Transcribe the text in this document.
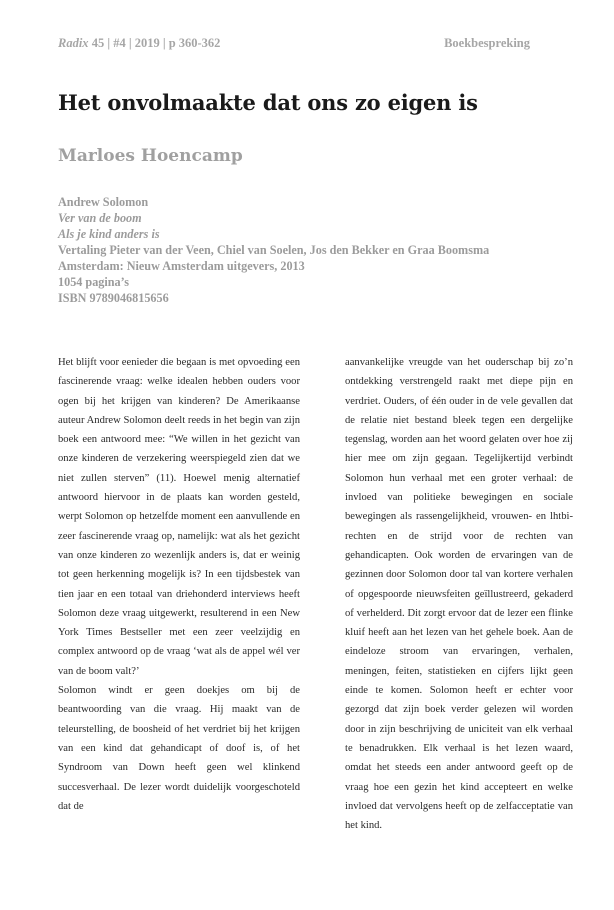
Radix 45 | #4 | 2019 | p 360-362	Boekbespreking
Het onvolmaakte dat ons zo eigen is
Marloes Hoencamp
Andrew Solomon
Ver van de boom
Als je kind anders is
Vertaling Pieter van der Veen, Chiel van Soelen, Jos den Bekker en Graa Boomsma
Amsterdam: Nieuw Amsterdam uitgevers, 2013
1054 pagina’s
ISBN 9789046815656

Het blijft voor eenieder die begaan is met opvoeding een fascinerende vraag: welke idealen hebben ouders voor ogen bij het krijgen van kinderen? De Amerikaanse auteur Andrew Solomon deelt reeds in het begin van zijn boek een antwoord mee: “We willen in het gezicht van onze kinderen de verzekering weerspiegeld zien dat we niet zullen sterven” (11). Hoewel menig alternatief antwoord hiervoor in de plaats kan worden gesteld, werpt Solomon op hetzelfde moment een aanvullende en zeer fascinerende vraag op, namelijk: wat als het gezicht van onze kinderen zo wezenlijk anders is, dat er weinig tot geen herkenning mogelijk is? In een tijdsbestek van tien jaar en een totaal van driehonderd interviews heeft Solomon deze vraag uitgewerkt, resulterend in een New York Times Bestseller met een zeer veelzijdig en complex antwoord op de vraag ‘wat als de appel wél ver van de boom valt?’

Solomon windt er geen doekjes om bij de beantwoording van die vraag. Hij maakt van de teleurstelling, de boosheid of het verdriet bij het krijgen van een kind dat gehandicapt of doof is, of het Syndroom van Down heeft geen wel klinkend succesverhaal. De lezer wordt duidelijk voorgeschoteld dat de

aanvankelijke vreugde van het ouderschap bij zo’n ontdekking verstrengeld raakt met diepe pijn en verdriet. Ouders, of één ouder in de vele gevallen dat de relatie niet bestand bleek tegen een dergelijke tegenslag, worden aan het woord gelaten over hoe zij hier mee om zijn gegaan. Tegelijkertijd verbindt Solomon hun verhaal met een groter verhaal: de invloed van politieke bewegingen en sociale bewegingen als rassengelijkheid, vrouwen- en lhtbi-rechten en de strijd voor de rechten van gehandicapten. Ook worden de ervaringen van de gezinnen door Solomon door tal van kortere verhalen of opgespoorde nieuwsfeiten geïllustreerd, gekaderd of verhelderd. Dit zorgt ervoor dat de lezer een flinke kluif heeft aan het lezen van het gehele boek. Aan de eindeloze stroom van ervaringen, verhalen, meningen, feiten, statistieken en cijfers lijkt geen einde te komen. Solomon heeft er echter voor gezorgd dat zijn boek verder gelezen wil worden door in zijn beschrijving de uniciteit van elk verhaal te benadrukken. Elk verhaal is het lezen waard, omdat het steeds een ander antwoord geeft op de vraag hoe een gezin het kind accepteert en welke invloed dat vervolgens heeft op de zelfacceptatie van het kind.
